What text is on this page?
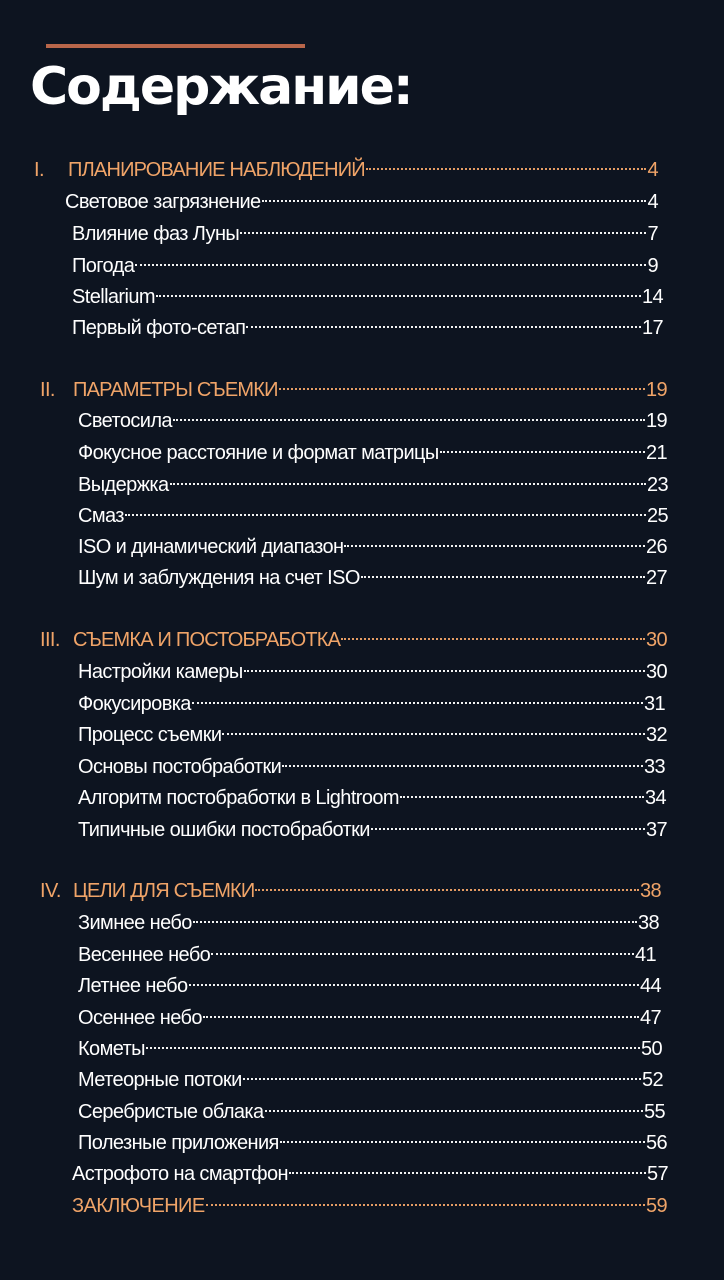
Содержание:
I.	ПЛАНИРОВАНИЕ НАБЛЮДЕНИЙ	4
Световое загрязнение	4
Влияние фаз Луны	7
Погода	9
Stellarium	14
Первый фото-сетап	17
II. ПАРАМЕТРЫ СЪЕМКИ	19
Светосила	19
Фокусное расстояние и формат матрицы	21
Выдержка	23
Смаз	25
ISO и динамический диапазон	26
Шум и заблуждения на счет ISO	27
III. СЪЕМКА И ПОСТОБРАБОТКА	30
Настройки камеры	30
Фокусировка	31
Процесс съемки	32
Основы постобработки	33
Алгоритм постобработки в Lightroom	34
Типичные ошибки постобработки	37
IV. ЦЕЛИ ДЛЯ СЪЕМКИ	38
Зимнее небо	38
Весеннее небо	41
Летнее небо	44
Осеннее небо	47
Кометы	50
Метеорные потоки	52
Серебристые облака	55
Полезные приложения	56
Астрофото на смартфон	57
ЗАКЛЮЧЕНИЕ	59
